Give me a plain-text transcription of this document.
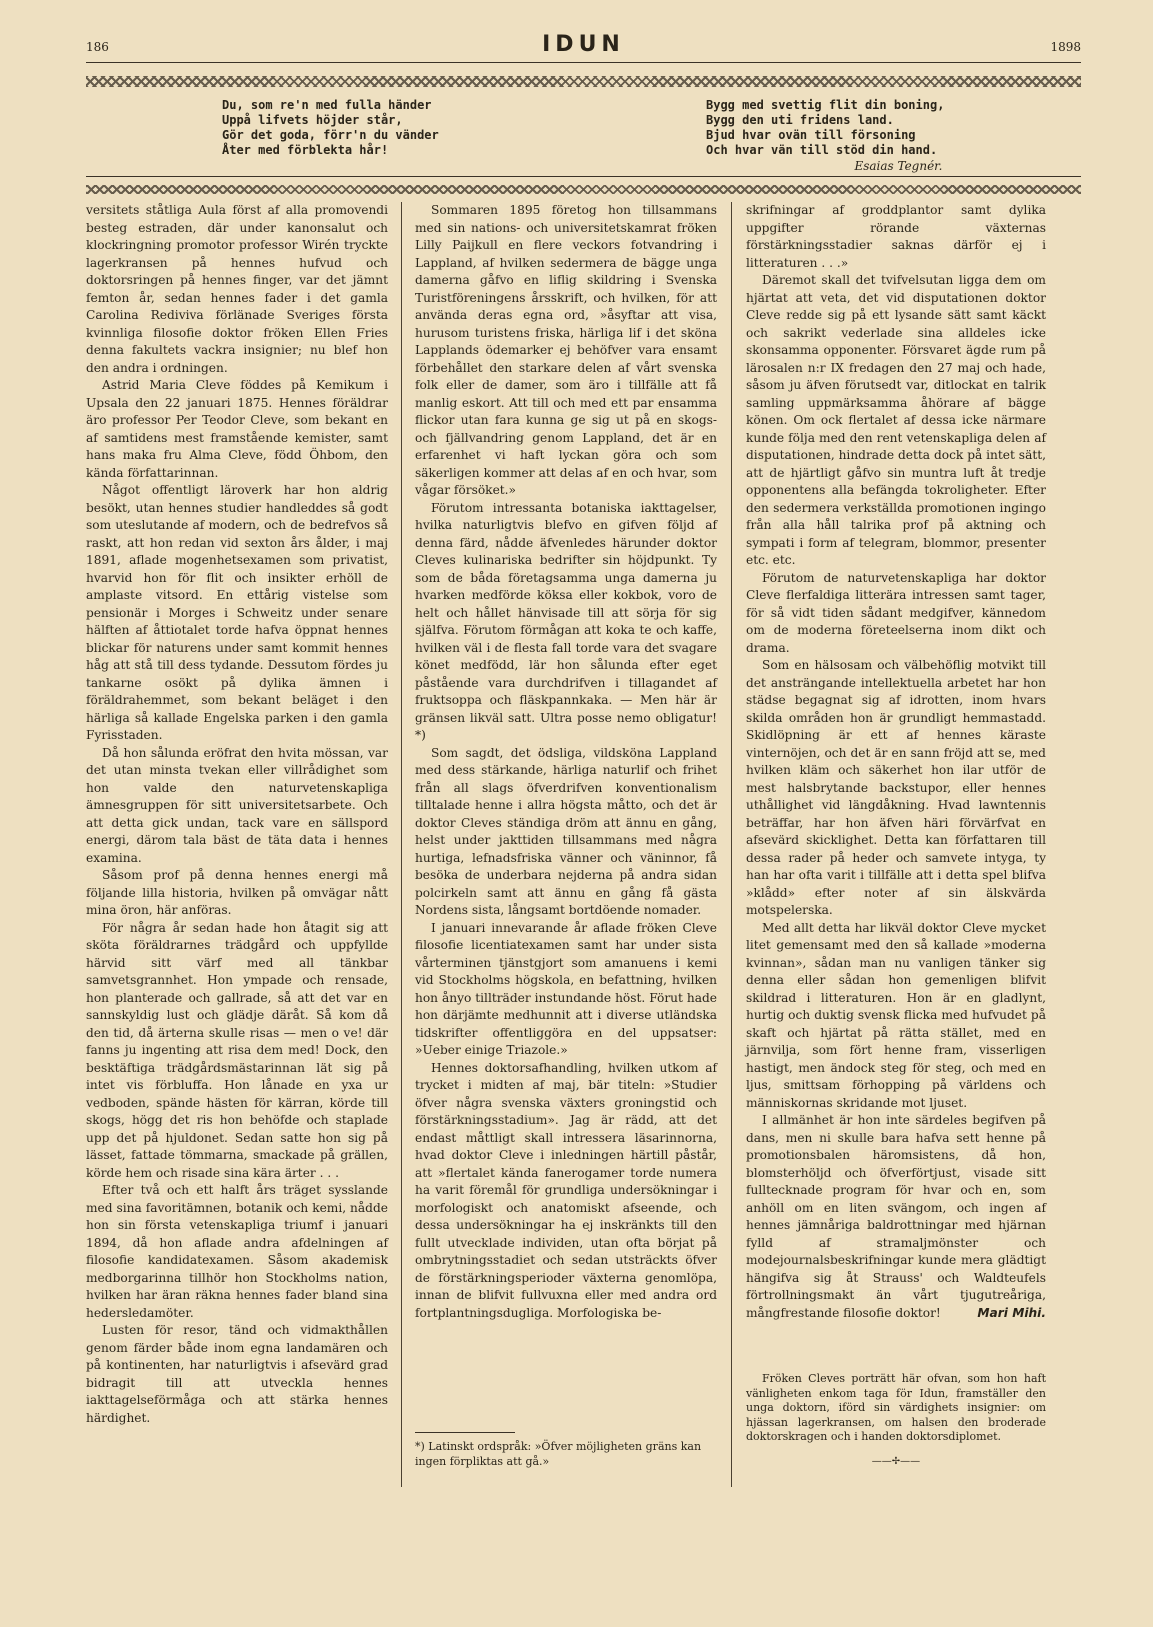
186	IDUN	1898
Du, som re'n med fulla händer
Uppå lifvets höjder står,
Gör det goda, förr'n du vänder
Åter med förblekta hår!
Bygg med svettig flit din boning,
Bygg den uti fridens land.
Bjud hvar ovän till försoning
Och hvar vän till stöd din hand.
Esaias Tegnér.

versitets ståtliga Aula först af alla promovendi besteg estraden, där under kanonsalut och klockringning promotor professor Wirén tryckte lagerkransen på hennes hufvud och doktorsringen på hennes finger, var det jämnt femton år, sedan hennes fader i det gamla Carolina Rediviva förlänade Sveriges första kvinnliga filosofie doktor fröken Ellen Fries denna fakultets vackra insignier; nu blef hon den andra i ordningen.

Astrid Maria Cleve föddes på Kemikum i Upsala den 22 januari 1875. Hennes föräldrar äro professor Per Teodor Cleve, som bekant en af samtidens mest framstående kemister, samt hans maka fru Alma Cleve, född Öhbom, den kända författarinnan.

Något offentligt läroverk har hon aldrig besökt, utan hennes studier handleddes så godt som uteslutande af modern, och de bedrefvos så raskt, att hon redan vid sexton års ålder, i maj 1891, aflade mogenhetsexamen som privatist, hvarvid hon för flit och insikter erhöll de amplaste vitsord. En ettårig vistelse som pensionär i Morges i Schweitz under senare hälften af åttiotalet torde hafva öppnat hennes blickar för naturens under samt kommit hennes håg att stå till dess tydande. Dessutom fördes ju tankarne osökt på dylika ämnen i föräldrahemmet, som bekant beläget i den härliga så kallade Engelska parken i den gamla Fyrisstaden.

Då hon sålunda eröfrat den hvita mössan, var det utan minsta tvekan eller villrådighet som hon valde den naturvetenskapliga ämnesgruppen för sitt universitetsarbete. Och att detta gick undan, tack vare en sällspord energi, därom tala bäst de täta data i hennes examina.

Såsom prof på denna hennes energi må följande lilla historia, hvilken på omvägar nått mina öron, här anföras.

För några år sedan hade hon åtagit sig att sköta föräldrarnes trädgård och uppfyllde härvid sitt värf med all tänkbar samvetsgrannhet. Hon ympade och rensade, hon planterade och gallrade, så att det var en sannskyldig lust och glädje däråt. Så kom då den tid, då ärterna skulle risas — men o ve! där fanns ju ingenting att risa dem med! Dock, den besktäftiga trädgårdsmästarinnan lät sig på intet vis förbluffa. Hon lånade en yxa ur vedboden, spände hästen för kärran, körde till skogs, högg det ris hon behöfde och staplade upp det på hjuldonet. Sedan satte hon sig på lässet, fattade tömmarna, smackade på grällen, körde hem och risade sina kära ärter . . .

Efter två och ett halft års träget sysslande med sina favoritämnen, botanik och kemi, nådde hon sin första vetenskapliga triumf i januari 1894, då hon aflade andra afdelningen af filosofie kandidatexamen. Såsom akademisk medborgarinna tillhör hon Stockholms nation, hvilken har äran räkna hennes fader bland sina hedersledamöter.

Lusten för resor, tänd och vidmakthållen genom färder både inom egna landamären och på kontinenten, har naturligtvis i afsevärd grad bidragit till att utveckla hennes iakttagelseförmåga och att stärka hennes härdighet.

Sommaren 1895 företog hon tillsammans med sin nations- och universitetskamrat fröken Lilly Paijkull en flere veckors fotvandring i Lappland, af hvilken sedermera de bägge unga damerna gåfvo en liflig skildring i Svenska Turistföreningens årsskrift, och hvilken, för att använda deras egna ord, »åsyftar att visa, hurusom turistens friska, härliga lif i det sköna Lapplands ödemarker ej behöfver vara ensamt förbehållet den starkare delen af vårt svenska folk eller de damer, som äro i tillfälle att få manlig eskort. Att till och med ett par ensamma flickor utan fara kunna ge sig ut på en skogs- och fjällvandring genom Lappland, det är en erfarenhet vi haft lyckan göra och som säkerligen kommer att delas af en och hvar, som vågar försöket.»

Förutom intressanta botaniska iakttagelser, hvilka naturligtvis blefvo en gifven följd af denna färd, nådde äfvenledes härunder doktor Cleves kulinariska bedrifter sin höjdpunkt. Ty som de båda företagsamma unga damerna ju hvarken medförde köksa eller kokbok, voro de helt och hållet hänvisade till att sörja för sig själfva. Förutom förmågan att koka te och kaffe, hvilken väl i de flesta fall torde vara det svagare könet medfödd, lär hon sålunda efter eget påstående vara durchdrifven i tillagandet af fruktsoppa och fläskpannkaka. — Men här är gränsen likväl satt. Ultra posse nemo obligatur! *)

Som sagdt, det ödsliga, vildsköna Lappland med dess stärkande, härliga naturlif och frihet från all slags öfverdrifven konventionalism tilltalade henne i allra högsta måtto, och det är doktor Cleves ständiga dröm att ännu en gång, helst under jakttiden tillsammans med några hurtiga, lefnadsfriska vänner och väninnor, få besöka de underbara nejderna på andra sidan polcirkeln samt att ännu en gång få gästa Nordens sista, långsamt bortdöende nomader.

I januari innevarande år aflade fröken Cleve filosofie licentiatexamen samt har under sista vårterminen tjänstgjort som amanuens i kemi vid Stockholms högskola, en befattning, hvilken hon ånyo tillträder instundande höst. Förut hade hon därjämte medhunnit att i diverse utländska tidskrifter offentliggöra en del uppsatser: »Ueber einige Triazole.»

Hennes doktorsafhandling, hvilken utkom af trycket i midten af maj, bär titeln: »Studier öfver några svenska växters groningstid och förstärkningsstadium». Jag är rädd, att det endast måttligt skall intressera läsarinnorna, hvad doktor Cleve i inledningen härtill påstår, att »flertalet kända fanerogamer torde numera ha varit föremål för grundliga undersökningar i morfologiskt och anatomiskt afseende, och dessa undersökningar ha ej inskränkts till den fullt utvecklade individen, utan ofta börjat på ombrytningsstadiet och sedan utsträckts öfver de förstärkningsperioder växterna genomlöpa, innan de blifvit fullvuxna eller med andra ord fortplantningsdugliga. Morfologiska be-

*) Latinskt ordspråk: »Öfver möjligheten gräns kan ingen förpliktas att gå.»

skrifningar af groddplantor samt dylika uppgifter rörande växternas förstärkningsstadier saknas därför ej i litteraturen . . .»

Däremot skall det tvifvelsutan ligga dem om hjärtat att veta, det vid disputationen doktor Cleve redde sig på ett lysande sätt samt käckt och sakrikt vederlade sina alldeles icke skonsamma opponenter. Försvaret ägde rum på lärosalen n:r IX fredagen den 27 maj och hade, såsom ju äfven förutsedt var, ditlockat en talrik samling uppmärksamma åhörare af bägge könen. Om ock flertalet af dessa icke närmare kunde följa med den rent vetenskapliga delen af disputationen, hindrade detta dock på intet sätt, att de hjärtligt gåfvo sin muntra luft åt tredje opponentens alla befängda tokroligheter. Efter den sedermera verkställda promotionen ingingo från alla håll talrika prof på aktning och sympati i form af telegram, blommor, presenter etc. etc.

Förutom de naturvetenskapliga har doktor Cleve flerfaldiga litterära intressen samt tager, för så vidt tiden sådant medgifver, kännedom om de moderna företeelserna inom dikt och drama.

Som en hälsosam och välbehöflig motvikt till det ansträngande intellektuella arbetet har hon städse begagnat sig af idrotten, inom hvars skilda områden hon är grundligt hemmastadd. Skidlöpning är ett af hennes käraste vinternöjen, och det är en sann fröjd att se, med hvilken kläm och säkerhet hon ilar utför de mest halsbrytande backstupor, eller hennes uthållighet vid längdåkning. Hvad lawntennis beträffar, har hon äfven häri förvärfvat en afsevärd skicklighet. Detta kan författaren till dessa rader på heder och samvete intyga, ty han har ofta varit i tillfälle att i detta spel blifva »klådd» efter noter af sin älskvärda motspelerska.

Med allt detta har likväl doktor Cleve mycket litet gemensamt med den så kallade »moderna kvinnan», sådan man nu vanligen tänker sig denna eller sådan hon gemenligen blifvit skildrad i litteraturen. Hon är en gladlynt, hurtig och duktig svensk flicka med hufvudet på skaft och hjärtat på rätta stället, med en järnvilja, som fört henne fram, visserligen hastigt, men ändock steg för steg, och med en ljus, smittsam förhopping på världens och människornas skridande mot ljuset.

I allmänhet är hon inte särdeles begifven på dans, men ni skulle bara hafva sett henne på promotionsbalen häromsistens, då hon, blomsterhöljd och öfverförtjust, visade sitt fulltecknade program för hvar och en, som anhöll om en liten svängom, och ingen af hennes jämnåriga baldrottningar med hjärnan fylld af stramaljmönster och modejournalsbeskrifningar kunde mera glädtigt hängifva sig åt Strauss' och Waldteufels förtrollningsmakt än vårt tjugutreåriga, mångfrestande filosofie doktor!	Mari Mihi.

Fröken Cleves porträtt här ofvan, som hon haft vänligheten enkom taga för Idun, framställer den unga doktorn, iförd sin värdighets insignier: om hjässan lagerkransen, om halsen den broderade doktorskragen och i handen doktorsdiplomet.

——✢——
